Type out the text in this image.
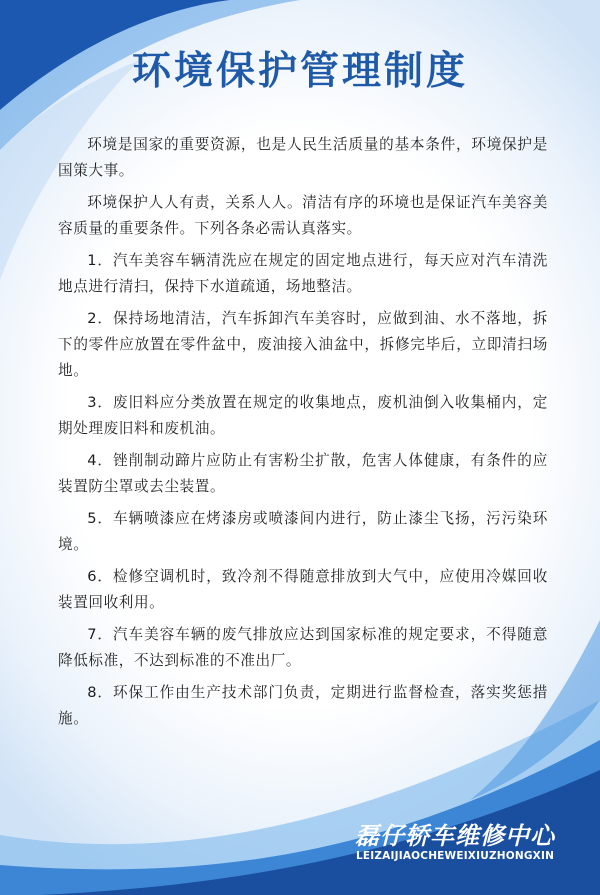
环境保护管理制度

环境是国家的重要资源，也是人民生活质量的基本条件，环境保护是国策大事。

环境保护人人有责，关系人人。清洁有序的环境也是保证汽车美容美容质量的重要条件。下列各条必需认真落实。

1．汽车美容车辆清洗应在规定的固定地点进行，每天应对汽车清洗地点进行清扫，保持下水道疏通，场地整洁。

2．保持场地清洁，汽车拆卸汽车美容时，应做到油、水不落地，拆下的零件应放置在零件盆中，废油接入油盆中，拆修完毕后，立即清扫场地。

3．废旧料应分类放置在规定的收集地点，废机油倒入收集桶内，定期处理废旧料和废机油。

4．锉削制动蹄片应防止有害粉尘扩散，危害人体健康，有条件的应装置防尘罩或去尘装置。

5．车辆喷漆应在烤漆房或喷漆间内进行，防止漆尘飞扬，污污染环境。

6．检修空调机时，致冷剂不得随意排放到大气中，应使用冷媒回收装置回收利用。

7．汽车美容车辆的废气排放应达到国家标准的规定要求，不得随意降低标准，不达到标准的不准出厂。

8．环保工作由生产技术部门负责，定期进行监督检查，落实奖惩措施。

磊仔轿车维修中心
LEIZAIJIAOCHEWEIXIUZHONGXIN
